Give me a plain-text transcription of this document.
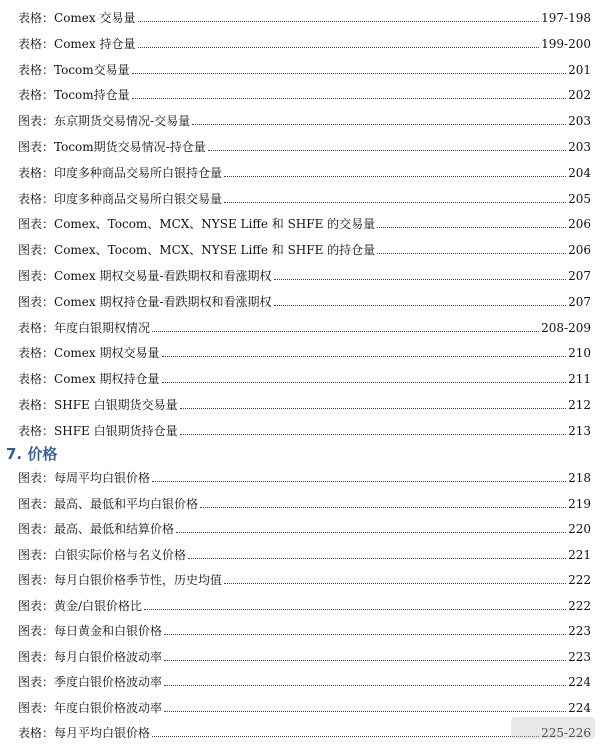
表格： Comex 交易量	197-198
表格： Comex 持仓量	199-200
表格： Tocom交易量	201
表格： Tocom持仓量	202
图表： 东京期货交易情况-交易量	203
图表： Tocom期货交易情况-持仓量	203
表格： 印度多种商品交易所白银持仓量	204
表格： 印度多种商品交易所白银交易量	205
图表： Comex、Tocom、MCX、NYSE Liffe 和 SHFE 的交易量	206
图表： Comex、Tocom、MCX、NYSE Liffe 和 SHFE 的持仓量	206
图表： Comex 期权交易量-看跌期权和看涨期权	207
图表： Comex 期权持仓量-看跌期权和看涨期权	207
表格： 年度白银期权情况	208-209
表格： Comex 期权交易量	210
表格： Comex 期权持仓量	211
表格： SHFE 白银期货交易量	212
表格： SHFE 白银期货持仓量	213
7. 价格
图表： 每周平均白银价格	218
图表： 最高、最低和平均白银价格	219
图表： 最高、最低和结算价格	220
图表： 白银实际价格与名义价格	221
图表： 每月白银价格季节性，历史均值	222
图表： 黄金/白银价格比	222
图表： 每日黄金和白银价格	223
图表： 每月白银价格波动率	223
图表： 季度白银价格波动率	224
图表： 年度白银价格波动率	224
表格： 每月平均白银价格	225-226
